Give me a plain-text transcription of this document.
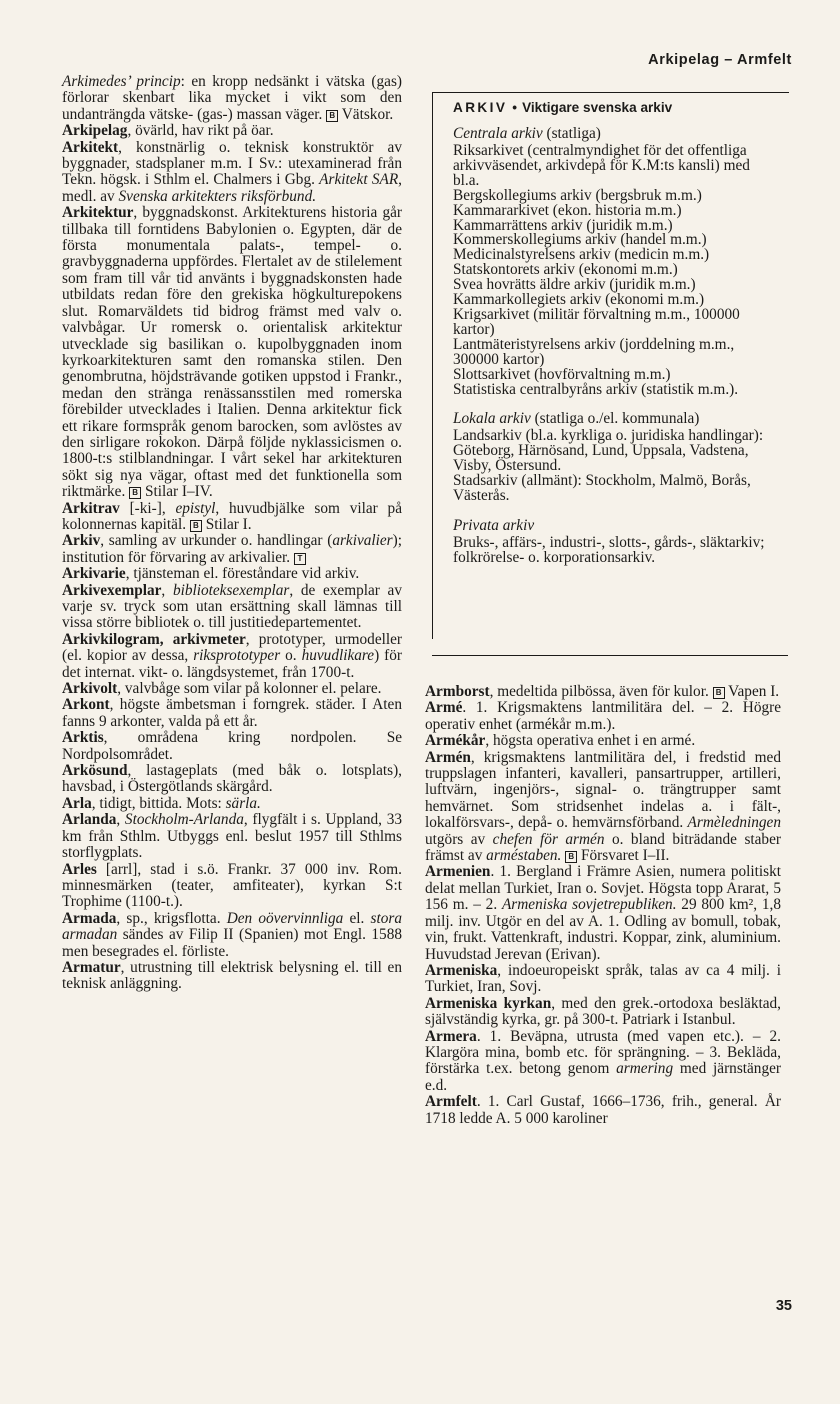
Arkipelag – Armfelt

Arkimedes’ princip: en kropp nedsänkt i vätska (gas) förlorar skenbart lika mycket i vikt som den undanträngda vätske- (gas-) massan väger. B Vätskor.

Arkipelag, övärld, hav rikt på öar.

Arkitekt, konstnärlig o. teknisk konstruktör av byggnader, stadsplaner m.m. I Sv.: utexaminerad från Tekn. högsk. i Sthlm el. Chalmers i Gbg. Arkitekt SAR, medl. av Svenska arkitekters riksförbund.

Arkitektur, byggnadskonst. Arkitekturens historia går tillbaka till forntidens Babylonien o. Egypten, där de första monumentala palats-, tempel- o. gravbyggnaderna uppfördes. Flertalet av de stilelement som fram till vår tid använts i byggnadskonsten hade utbildats redan före den grekiska högkulturepokens slut. Romarväldets tid bidrog främst med valv o. valvbågar. Ur romersk o. orientalisk arkitektur utvecklade sig basilikan o. kupolbyggnaden inom kyrkoarkitekturen samt den romanska stilen. Den genombrutna, höjdsträvande gotiken uppstod i Frankr., medan den stränga renässansstilen med romerska förebilder utvecklades i Italien. Denna arkitektur fick ett rikare formspråk genom barocken, som avlöstes av den sirligare rokokon. Därpå följde nyklassicismen o. 1800-t:s stilblandningar. I vårt sekel har arkitekturen sökt sig nya vägar, oftast med det funktionella som riktmärke. B Stilar I–IV.

Arkitrav [-ki-], epistyl, huvudbjälke som vilar på kolonnernas kapitäl. B Stilar I.

Arkiv, samling av urkunder o. handlingar (arkivalier); institution för förvaring av arkivalier. T

Arkivarie, tjänsteman el. föreståndare vid arkiv.

Arkivexemplar, biblioteksexemplar, de exemplar av varje sv. tryck som utan ersättning skall lämnas till vissa större bibliotek o. till justitiedepartementet.

Arkivkilogram, arkivmeter, prototyper, urmodeller (el. kopior av dessa, riksprototyper o. huvudlikare) för det internat. vikt- o. längdsystemet, från 1700-t.

Arkivolt, valvbåge som vilar på kolonner el. pelare.

Arkont, högste ämbetsman i forngrek. städer. I Aten fanns 9 arkonter, valda på ett år.

Arktis, områdena kring nordpolen. Se Nordpolsområdet.

Arkösund, lastageplats (med båk o. lotsplats), havsbad, i Östergötlands skärgård.

Arla, tidigt, bittida. Mots: särla.

Arlanda, Stockholm-Arlanda, flygfält i s. Uppland, 33 km från Sthlm. Utbyggs enl. beslut 1957 till Sthlms storflygplats.

Arles [arrl], stad i s.ö. Frankr. 37 000 inv. Rom. minnesmärken (teater, amfiteater), kyrkan S:t Trophime (1100-t.).

Armada, sp., krigsflotta. Den oövervinnliga el. stora armadan sändes av Filip II (Spanien) mot Engl. 1588 men besegrades el. förliste.

Armatur, utrustning till elektrisk belysning el. till en teknisk anläggning.

ARKIV • Viktigare svenska arkiv
Centrala arkiv (statliga)
Riksarkivet (centralmyndighet för det offentliga arkivväsendet, arkivdepå för K.M:ts kansli) med bl.a.
Bergskollegiums arkiv (bergsbruk m.m.)
Kammararkivet (ekon. historia m.m.)
Kammarrättens arkiv (juridik m.m.)
Kommerskollegiums arkiv (handel m.m.)
Medicinalstyrelsens arkiv (medicin m.m.)
Statskontorets arkiv (ekonomi m.m.)
Svea hovrätts äldre arkiv (juridik m.m.)
Kammarkollegiets arkiv (ekonomi m.m.)
Krigsarkivet (militär förvaltning m.m., 100000 kartor)
Lantmäteristyrelsens arkiv (jorddelning m.m., 300000 kartor)
Slottsarkivet (hovförvaltning m.m.)
Statistiska centralbyråns arkiv (statistik m.m.).
Lokala arkiv (statliga o./el. kommunala)
Landsarkiv (bl.a. kyrkliga o. juridiska handlingar): Göteborg, Härnösand, Lund, Uppsala, Vadstena, Visby, Östersund.
Stadsarkiv (allmänt): Stockholm, Malmö, Borås, Västerås.
Privata arkiv
Bruks-, affärs-, industri-, slotts-, gårds-, släktarkiv; folkrörelse- o. korporationsarkiv.

Armborst, medeltida pilbössa, även för kulor. B Vapen I.

Armé. 1. Krigsmaktens lantmilitära del. – 2. Högre operativ enhet (armékår m.m.).

Armékår, högsta operativa enhet i en armé.

Armén, krigsmaktens lantmilitära del, i fredstid med truppslagen infanteri, kavalleri, pansartrupper, artilleri, luftvärn, ingenjörs-, signal- o. trängtrupper samt hemvärnet. Som stridsenhet indelas a. i fält-, lokalförsvars-, depå- o. hemvärnsförband. Armèledningen utgörs av chefen för armén o. bland biträdande staber främst av arméstaben. B Försvaret I–II.

Armenien. 1. Bergland i Främre Asien, numera politiskt delat mellan Turkiet, Iran o. Sovjet. Högsta topp Ararat, 5 156 m. – 2. Armeniska sovjetrepubliken. 29 800 km², 1,8 milj. inv. Utgör en del av A. 1. Odling av bomull, tobak, vin, frukt. Vattenkraft, industri. Koppar, zink, aluminium. Huvudstad Jerevan (Erivan).

Armeniska, indoeuropeiskt språk, talas av ca 4 milj. i Turkiet, Iran, Sovj.

Armeniska kyrkan, med den grek.-ortodoxa besläktad, självständig kyrka, gr. på 300-t. Patriark i Istanbul.

Armera. 1. Beväpna, utrusta (med vapen etc.). – 2. Klargöra mina, bomb etc. för sprängning. – 3. Bekläda, förstärka t.ex. betong genom armering med järnstänger e.d.

Armfelt. 1. Carl Gustaf, 1666–1736, frih., general. År 1718 ledde A. 5 000 karoliner

35
